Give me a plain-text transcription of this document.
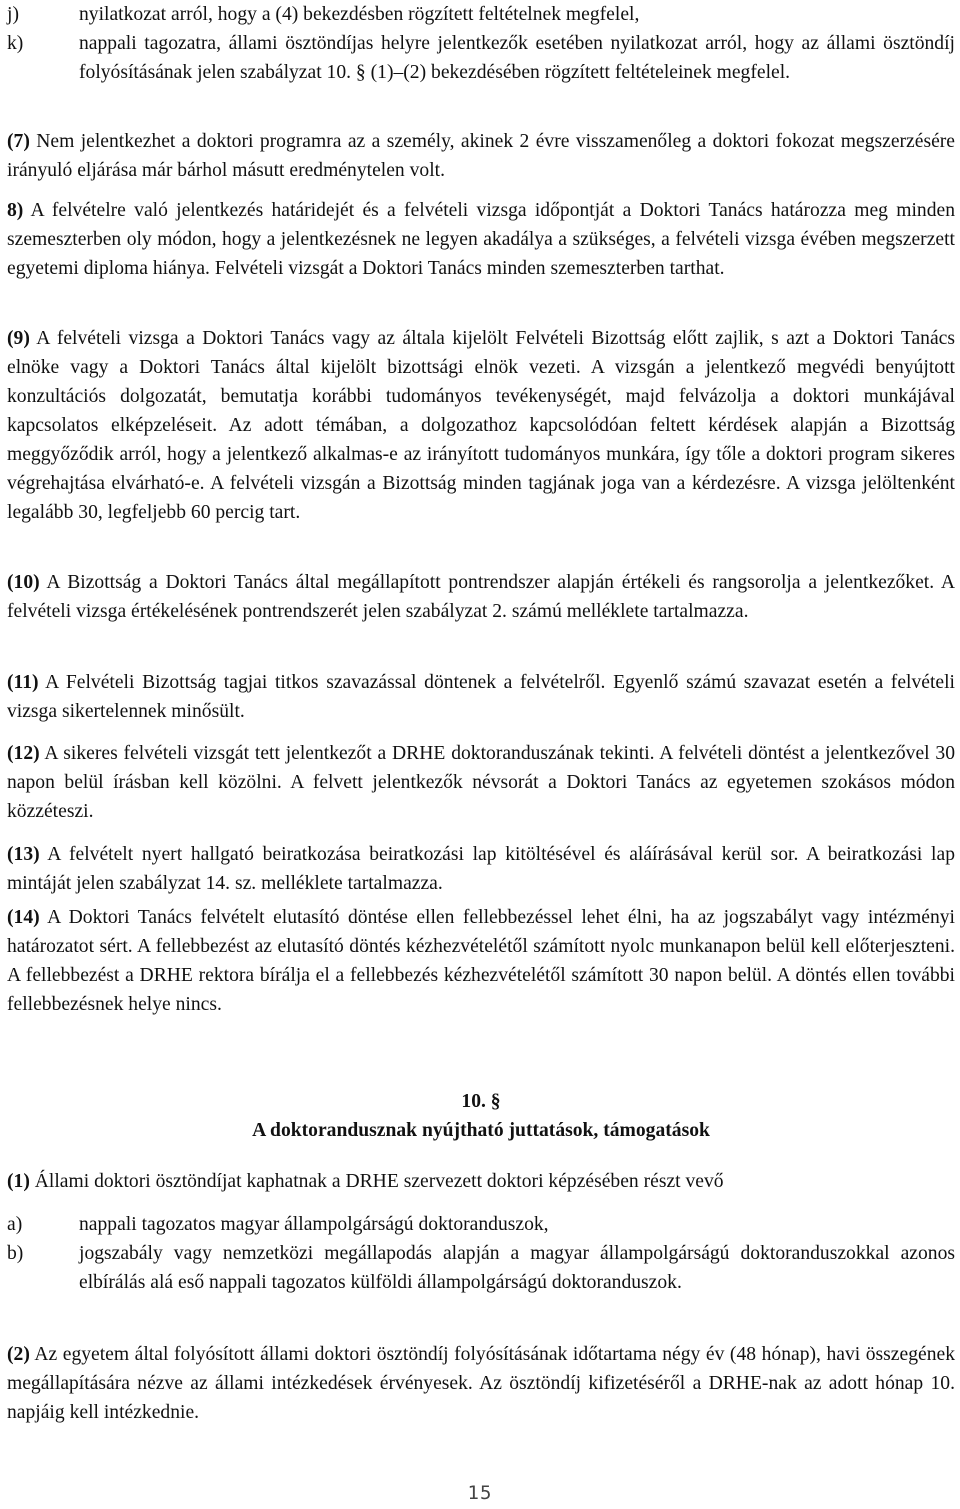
j)	nyilatkozat arról, hogy a (4) bekezdésben rögzített feltételnek megfelel,
k)	nappali tagozatra, állami ösztöndíjas helyre jelentkezők esetében nyilatkozat arról, hogy az állami ösztöndíj folyósításának jelen szabályzat 10. § (1)–(2) bekezdésében rögzített feltételeinek megfelel.

(7) Nem jelentkezhet a doktori programra az a személy, akinek 2 évre visszamenőleg a doktori fokozat megszerzésére irányuló eljárása már bárhol másutt eredménytelen volt.

8) A felvételre való jelentkezés határidejét és a felvételi vizsga időpontját a Doktori Tanács határozza meg minden szemeszterben oly módon, hogy a jelentkezésnek ne legyen akadálya a szükséges, a felvételi vizsga évében megszerzett egyetemi diploma hiánya. Felvételi vizsgát a Doktori Tanács minden szemeszterben tarthat.

(9) A felvételi vizsga a Doktori Tanács vagy az általa kijelölt Felvételi Bizottság előtt zajlik, s azt a Doktori Tanács elnöke vagy a Doktori Tanács által kijelölt bizottsági elnök vezeti. A vizsgán a jelentkező megvédi benyújtott konzultációs dolgozatát, bemutatja korábbi tudományos tevékenységét, majd felvázolja a doktori munkájával kapcsolatos elképzeléseit. Az adott témában, a dolgozathoz kapcsolódóan feltett kérdések alapján a Bizottság meggyőződik arról, hogy a jelentkező alkalmas-e az irányított tudományos munkára, így tőle a doktori program sikeres végrehajtása elvárható-e. A felvételi vizsgán a Bizottság minden tagjának joga van a kérdezésre. A vizsga jelöltenként legalább 30, legfeljebb 60 percig tart.

(10) A Bizottság a Doktori Tanács által megállapított pontrendszer alapján értékeli és rangsorolja a jelentkezőket. A felvételi vizsga értékelésének pontrendszerét jelen szabályzat 2. számú melléklete tartalmazza.

(11) A Felvételi Bizottság tagjai titkos szavazással döntenek a felvételről. Egyenlő számú szavazat esetén a felvételi vizsga sikertelennek minősült.

(12) A sikeres felvételi vizsgát tett jelentkezőt a DRHE doktoranduszának tekinti. A felvételi döntést a jelentkezővel 30 napon belül írásban kell közölni. A felvett jelentkezők névsorát a Doktori Tanács az egyetemen szokásos módon közzéteszi.

(13) A felvételt nyert hallgató beiratkozása beiratkozási lap kitöltésével és aláírásával kerül sor. A beiratkozási lap mintáját jelen szabályzat 14. sz. melléklete tartalmazza.

(14) A Doktori Tanács felvételt elutasító döntése ellen fellebbezéssel lehet élni, ha az jogszabályt vagy intézményi határozatot sért. A fellebbezést az elutasító döntés kézhezvételétől számított nyolc munkanapon belül kell előterjeszteni. A fellebbezést a DRHE rektora bírálja el a fellebbezés kézhezvételétől számított 30 napon belül. A döntés ellen további fellebbezésnek helye nincs.

10. §

A doktorandusznak nyújtható juttatások, támogatások

(1) Állami doktori ösztöndíjat kaphatnak a DRHE szervezett doktori képzésében részt vevő

a)	nappali tagozatos magyar állampolgárságú doktoranduszok,
b)	jogszabály vagy nemzetközi megállapodás alapján a magyar állampolgárságú doktoranduszokkal azonos elbírálás alá eső nappali tagozatos külföldi állampolgárságú doktoranduszok.

(2) Az egyetem által folyósított állami doktori ösztöndíj folyósításának időtartama négy év (48 hónap), havi összegének megállapítására nézve az állami intézkedések érvényesek. Az ösztöndíj kifizetéséről a DRHE-nak az adott hónap 10. napjáig kell intézkednie.

15
